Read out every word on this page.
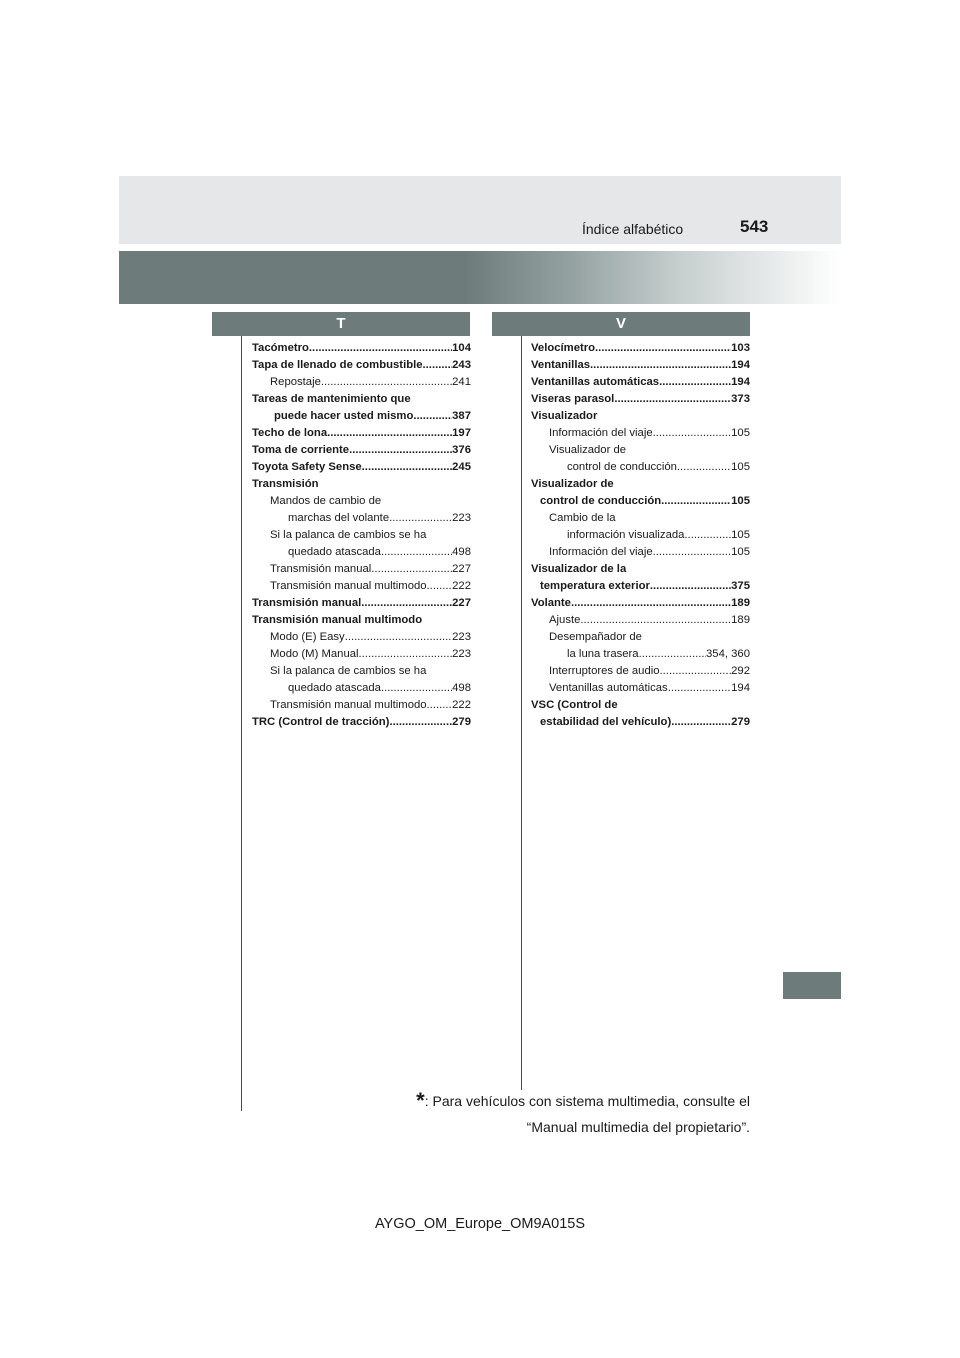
Índice alfabético	543
T	V
Tacómetro .....	104
Tapa de llenado de combustible .....	243
Repostaje .....	241
Tareas de mantenimiento que
puede hacer usted mismo .....	387
Techo de lona .....	197
Toma de corriente .....	376
Toyota Safety Sense .....	245
Transmisión
Mandos de cambio de
marchas del volante .....	223
Si la palanca de cambios se ha
quedado atascada .....	498
Transmisión manual .....	227
Transmisión manual multimodo ..... 222
Transmisión manual .....	227
Transmisión manual multimodo
Modo (E) Easy .....	223
Modo (M) Manual .....	223
Si la palanca de cambios se ha
quedado atascada .....	498
Transmisión manual multimodo ..... 222
TRC (Control de tracción) .....	279
Velocímetro .....	103
Ventanillas .....	194
Ventanillas automáticas .....	194
Viseras parasol .....	373
Visualizador
Información del viaje .....	105
Visualizador de
control de conducción .....	105
Visualizador de
control de conducción .....	105
Cambio de la
información visualizada .....	105
Información del viaje .....	105
Visualizador de la
temperatura exterior .....	375
Volante .....	189
Ajuste .....	189
Desempañador de
la luna trasera .....	354, 360
Interruptores de audio .....	292
Ventanillas automáticas .....	194
VSC (Control de
estabilidad del vehículo) .....	279
*: Para vehículos con sistema multimedia, consulte el
“Manual multimedia del propietario”.
AYGO_OM_Europe_OM9A015S
